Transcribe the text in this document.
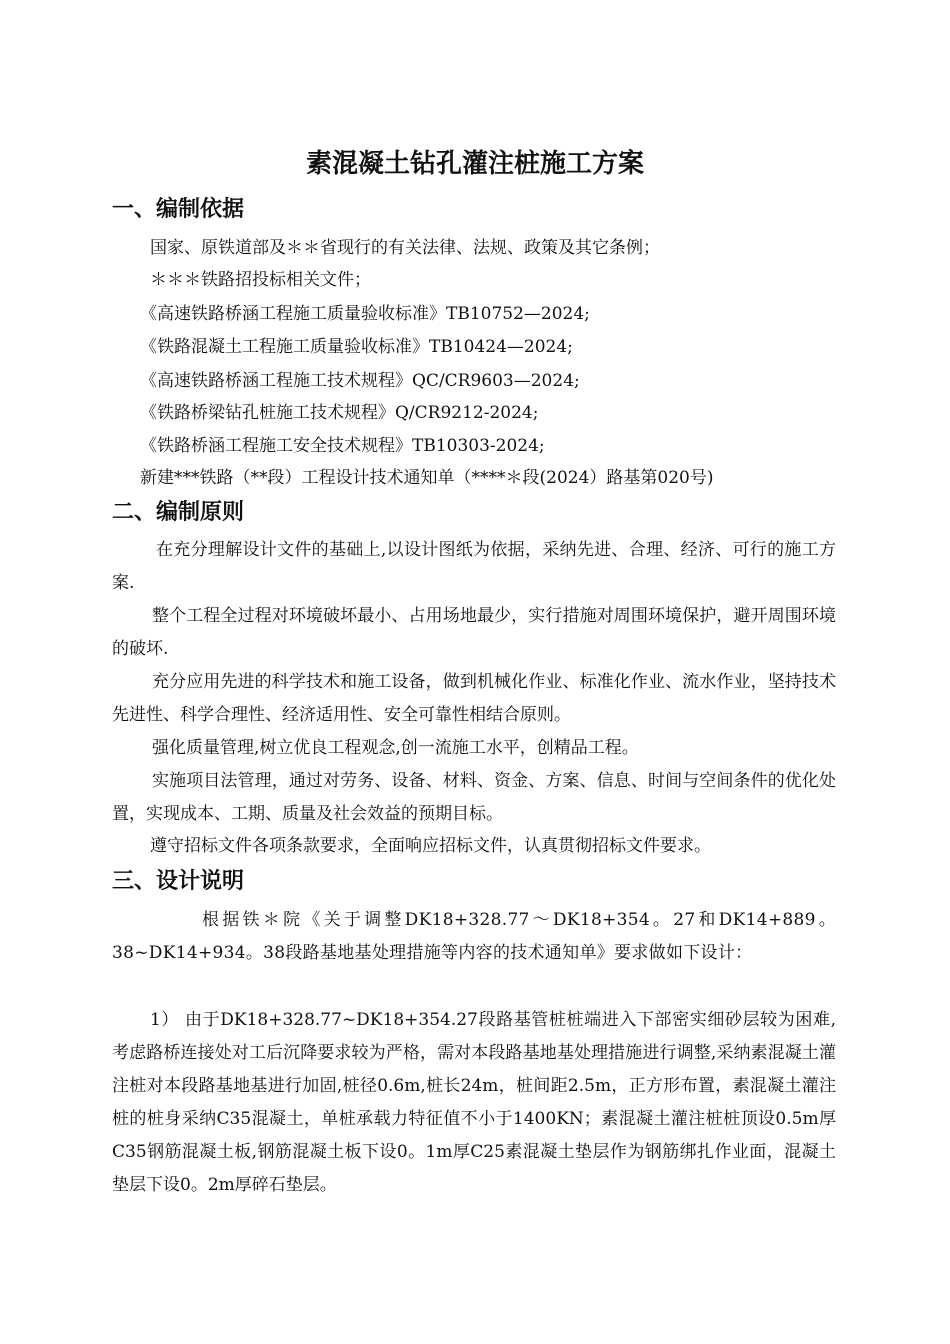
素混凝土钻孔灌注桩施工方案
一、编制依据

国家、原铁道部及＊＊省现行的有关法律、法规、政策及其它条例；

＊＊＊铁路招投标相关文件；

《高速铁路桥涵工程施工质量验收标准》TB10752—2024;

《铁路混凝土工程施工质量验收标准》TB10424—2024;

《高速铁路桥涵工程施工技术规程》QC/CR9603—2024;

《铁路桥梁钻孔桩施工技术规程》Q/CR9212-2024;

《铁路桥涵工程施工安全技术规程》TB10303-2024;

新建***铁路（**段）工程设计技术通知单（****＊段(2024）路基第020号)

二、编制原则

在充分理解设计文件的基础上,以设计图纸为依据，采纳先进、合理、经济、可行的施工方案.

整个工程全过程对环境破坏最小、占用场地最少，实行措施对周围环境保护，避开周围环境的破坏.

充分应用先进的科学技术和施工设备，做到机械化作业、标准化作业、流水作业，坚持技术先进性、科学合理性、经济适用性、安全可靠性相结合原则。

强化质量管理,树立优良工程观念,创一流施工水平，创精品工程。

实施项目法管理，通过对劳务、设备、材料、资金、方案、信息、时间与空间条件的优化处置，实现成本、工期、质量及社会效益的预期目标。

遵守招标文件各项条款要求，全面响应招标文件，认真贯彻招标文件要求。

三、设计说明

根据铁＊院《关于调整DK18+328.77～DK18+354。27和DK14+889。38~DK14+934。38段路基地基处理措施等内容的技术通知单》要求做如下设计：

1） 由于DK18+328.77~DK18+354.27段路基管桩桩端进入下部密实细砂层较为困难,考虑路桥连接处对工后沉降要求较为严格，需对本段路基地基处理措施进行调整,采纳素混凝土灌注桩对本段路基地基进行加固,桩径0.6m,桩长24m，桩间距2.5m，正方形布置，素混凝土灌注桩的桩身采纳C35混凝土，单桩承载力特征值不小于1400KN；素混凝土灌注桩桩顶设0.5m厚C35钢筋混凝土板,钢筋混凝土板下设0。1m厚C25素混凝土垫层作为钢筋绑扎作业面，混凝土垫层下设0。2m厚碎石垫层。
